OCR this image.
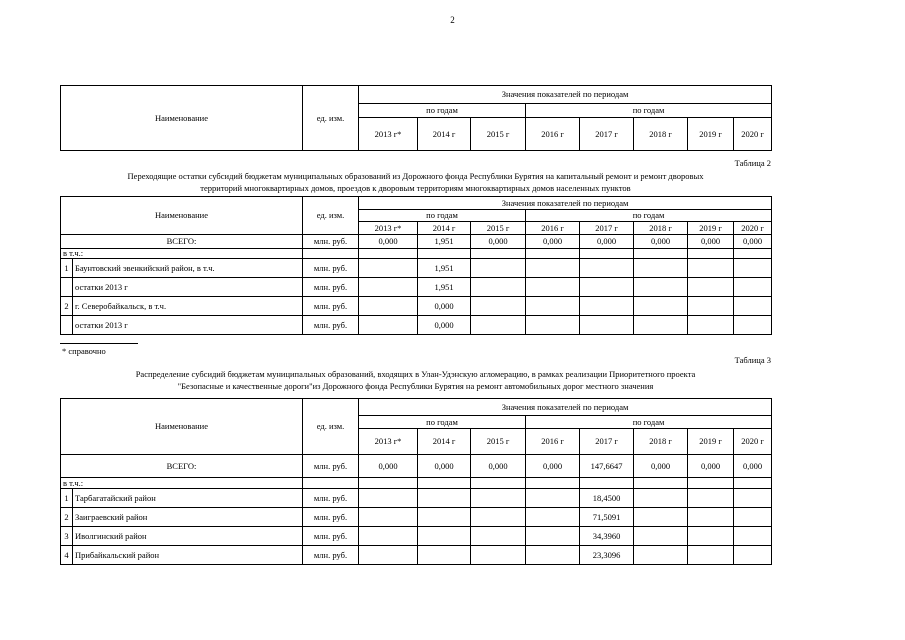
2
Наименование	ед. изм.	Значения показателей по периодам							
		по годам			по годам				
		2013 г*	2014 г	2015 г	2016 г	2017 г	2018 г	2019 г	2020 г
Таблица 2
Переходящие остатки субсидий бюджетам муниципальных образований из Дорожного фонда Республики Бурятия на капитальный ремонт и ремонт дворовых
территорий многоквартирных домов, проездов к дворовым территориям многоквартирных домов населенных пунктов
Наименование		ед. изм.	Значения показателей по периодам							
			по годам			по годам				
			2013 г*	2014 г	2015 г	2016 г	2017 г	2018 г	2019 г	2020 г
ВСЕГО:		млн. руб.	0,000	1,951	0,000	0,000	0,000	0,000	0,000	0,000
в т.ч.:										
1	Баунтовский эвенкийский район, в т.ч.	млн. руб.		1,951						
	остатки 2013 г	млн. руб.		1,951						
2	г. Северобайкальск, в т.ч.	млн. руб.		0,000						
	остатки 2013 г	млн. руб.		0,000						
* справочно
Таблица 3
Распределение субсидий бюджетам муниципальных образований, входящих в Улан-Удэнскую агломерацию, в рамках реализации Приоритетного проекта
"Безопасные и качественные дороги"из Дорожного фонда Республики Бурятия на ремонт автомобильных дорог местного значения
Наименование		ед. изм.	Значения показателей по периодам							
			по годам			по годам				
			2013 г*	2014 г	2015 г	2016 г	2017 г	2018 г	2019 г	2020 г
ВСЕГО:		млн. руб.	0,000	0,000	0,000	0,000	147,6647	0,000	0,000	0,000
в т.ч.:										
1	Тарбагатайский район	млн. руб.					18,4500			
2	Заиграевский район	млн. руб.					71,5091			
3	Иволгинский район	млн. руб.					34,3960			
4	Прибайкальский район	млн. руб.					23,3096			
